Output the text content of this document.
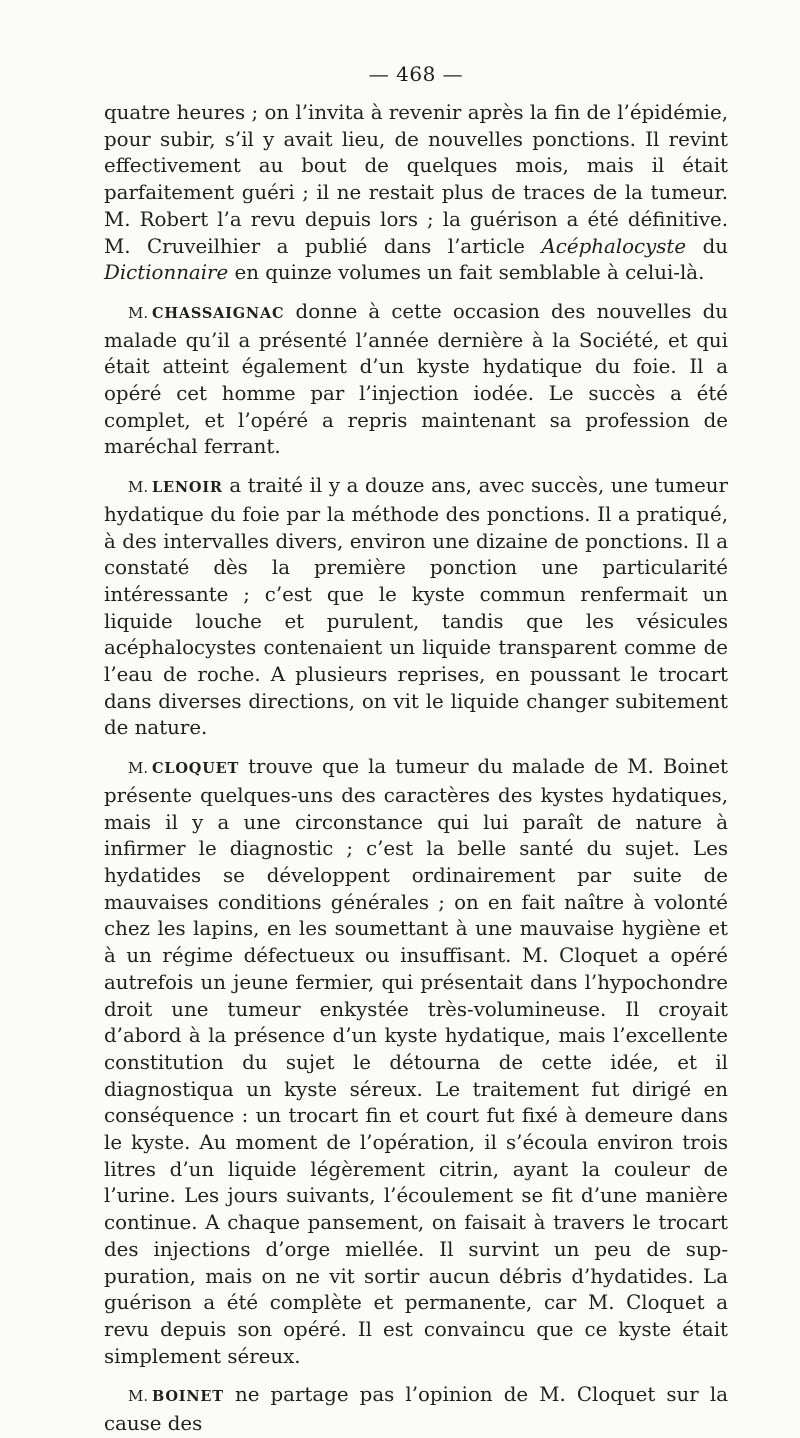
— 468 —

quatre heures ; on l’invita à revenir après la fin de l’épidémie, pour subir, s’il y avait lieu, de nouvelles ponctions. Il revint effectivement au bout de quelques mois, mais il était parfaitement guéri ; il ne restait plus de traces de la tumeur. M. Robert l’a revu depuis lors ; la guérison a été définitive. M. Cruveilhier a publié dans l’article Acéphalocyste du Dictionnaire en quinze volumes un fait semblable à celui-là.

M. CHASSAIGNAC donne à cette occasion des nouvelles du malade qu’il a présenté l’année dernière à la Société, et qui était atteint également d’un kyste hydatique du foie. Il a opéré cet homme par l’injection iodée. Le succès a été complet, et l’opéré a repris maintenant sa profession de maréchal ferrant.

M. LENOIR a traité il y a douze ans, avec succès, une tumeur hydatique du foie par la méthode des ponctions. Il a pratiqué, à des intervalles divers, environ une dizaine de ponctions. Il a constaté dès la première ponction une particularité intéressante ; c’est que le kyste commun renfermait un liquide louche et purulent, tandis que les vésicules acéphalocystes contenaient un liquide transparent comme de l’eau de roche. A plusieurs reprises, en poussant le trocart dans diverses directions, on vit le liquide changer subitement de nature.

M. CLOQUET trouve que la tumeur du malade de M. Boinet présente quelques-uns des caractères des kystes hydatiques, mais il y a une circonstance qui lui paraît de nature à infirmer le diagnostic ; c’est la belle santé du sujet. Les hydatides se développent ordinairement par suite de mauvaises conditions générales ; on en fait naître à volonté chez les lapins, en les soumettant à une mauvaise hygiène et à un régime défectueux ou insuffisant. M. Cloquet a opéré autrefois un jeune fermier, qui présentait dans l’hypochondre droit une tumeur enkystée très-volumineuse. Il croyait d’abord à la présence d’un kyste hydatique, mais l’excellente constitution du sujet le détourna de cette idée, et il diagnostiqua un kyste séreux. Le traitement fut dirigé en conséquence : un trocart fin et court fut fixé à demeure dans le kyste. Au moment de l’opération, il s’écoula environ trois litres d’un liquide légèrement citrin, ayant la couleur de l’urine. Les jours suivants, l’écoulement se fit d’une manière continue. A chaque pansement, on faisait à travers le trocart des injections d’orge miellée. Il survint un peu de suppuration, mais on ne vit sortir aucun débris d’hydatides. La guérison a été complète et permanente, car M. Cloquet a revu depuis son opéré. Il est convaincu que ce kyste était simplement séreux.

M. BOINET ne partage pas l’opinion de M. Cloquet sur la cause des
